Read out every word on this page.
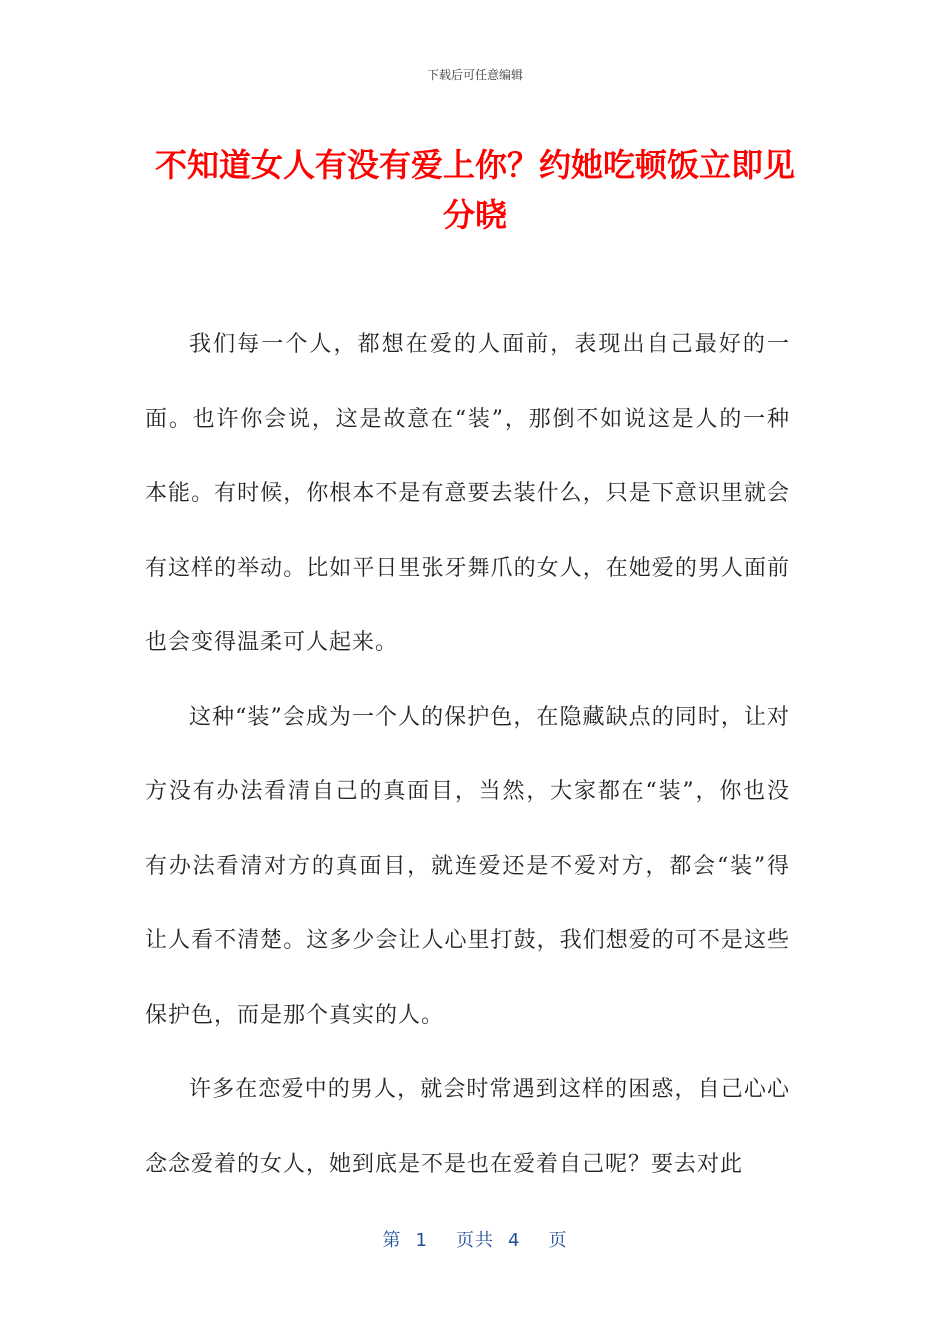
下载后可任意编辑
不知道女人有没有爱上你？约她吃顿饭立即见分晓

我们每一个人，都想在爱的人面前，表现出自己最好的一面。也许你会说，这是故意在“装”，那倒不如说这是人的一种本能。有时候，你根本不是有意要去装什么，只是下意识里就会有这样的举动。比如平日里张牙舞爪的女人，在她爱的男人面前也会变得温柔可人起来。

这种“装”会成为一个人的保护色，在隐藏缺点的同时，让对方没有办法看清自己的真面目，当然，大家都在“装”，你也没有办法看清对方的真面目，就连爱还是不爱对方，都会“装”得让人看不清楚。这多少会让人心里打鼓，我们想爱的可不是这些保护色，而是那个真实的人。

许多在恋爱中的男人，就会时常遇到这样的困惑，自己心心念念爱着的女人，她到底是不是也在爱着自己呢？要去对此

第 1 页共 4 页
